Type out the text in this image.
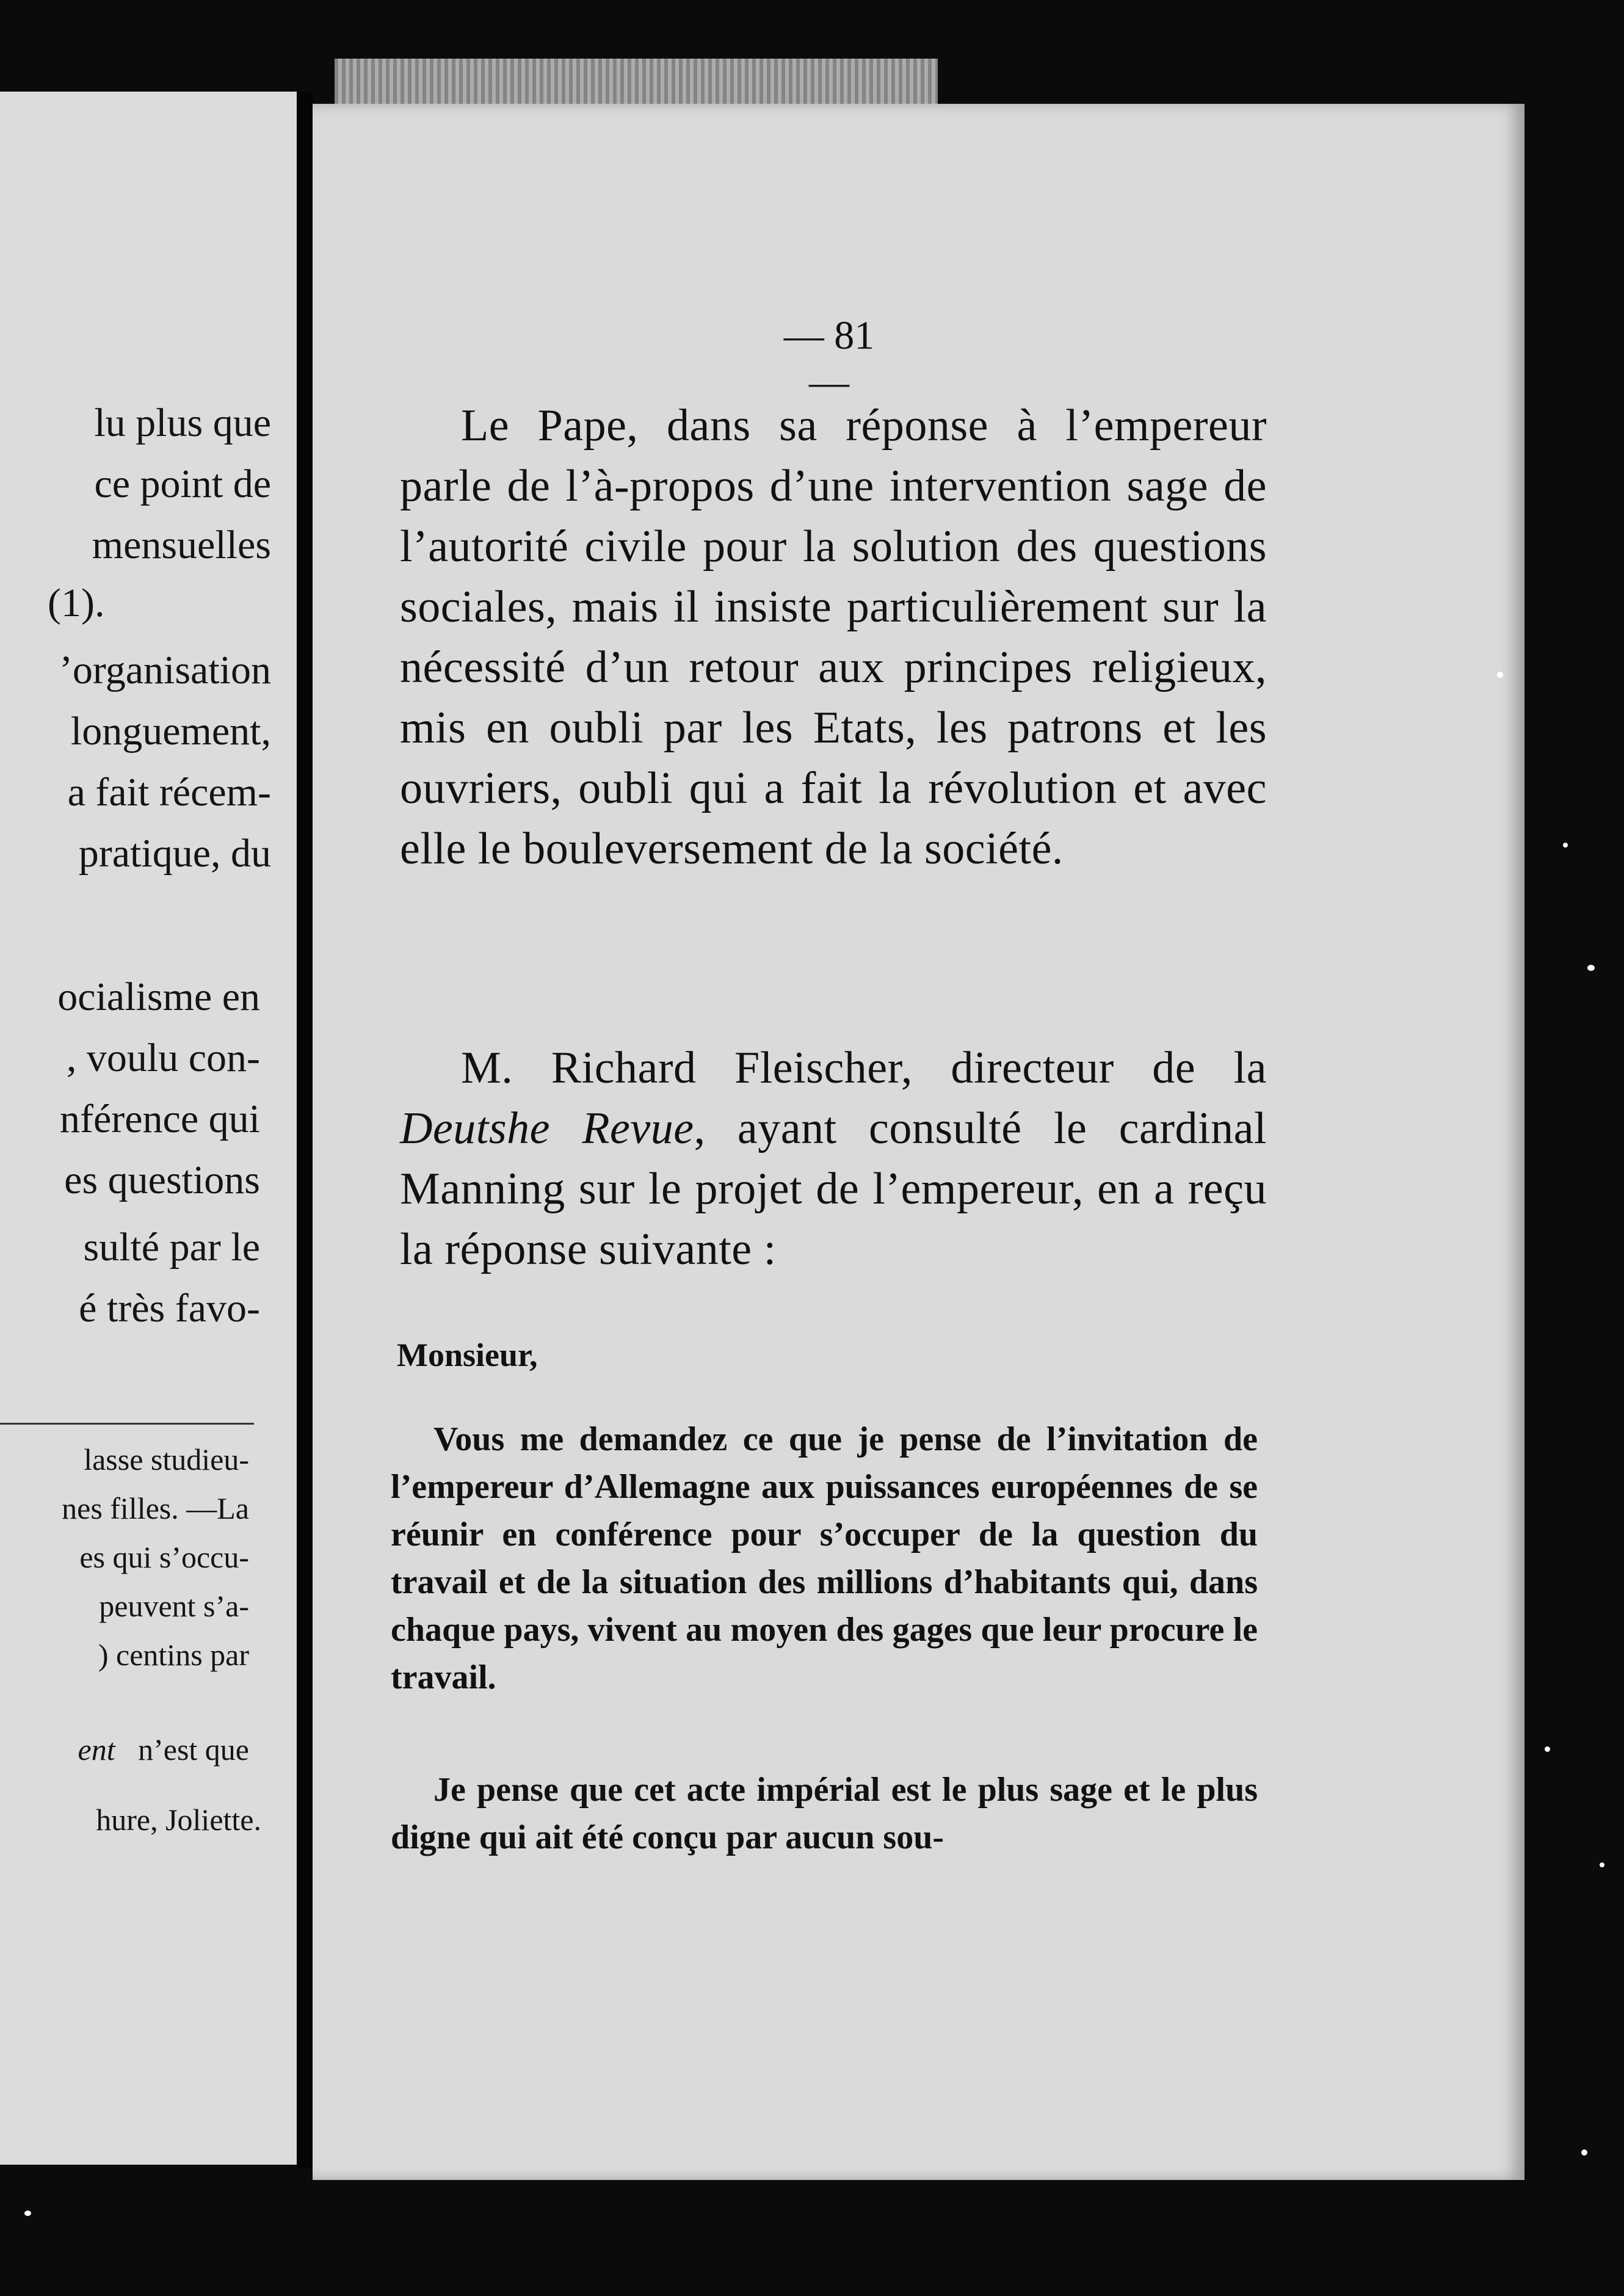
lu plus que
ce point de
mensuelles
(1).
’organisation
longuement,
a fait récem-
pratique, du
ocialisme en
, voulu con-
nférence qui
es questions
sulté par le
é très favo-
lasse studieu-
nes filles. —La
es qui s’occu-
peuvent s’a-
) centins par
ent n’est que
hure, Joliette.
— 81 —
Le Pape, dans sa réponse à l’empereur parle de l’à-propos d’une intervention sage de l’autorité civile pour la solution des questions sociales, mais il insiste particulièrement sur la nécessité d’un retour aux principes religieux, mis en oubli par les Etats, les patrons et les ouvriers, oubli qui a fait la révolution et avec elle le bouleversement de la société.
M. Richard Fleischer, directeur de la Deutshe Revue, ayant consulté le cardinal Manning sur le projet de l’empereur, en a reçu la réponse suivante :
Monsieur,
Vous me demandez ce que je pense de l’invitation de l’empereur d’Allemagne aux puissances européennes de se réunir en conférence pour s’occuper de la question du travail et de la situation des millions d’habitants qui, dans chaque pays, vivent au moyen des gages que leur procure le travail.
Je pense que cet acte impérial est le plus sage et le plus digne qui ait été conçu par aucun sou-
